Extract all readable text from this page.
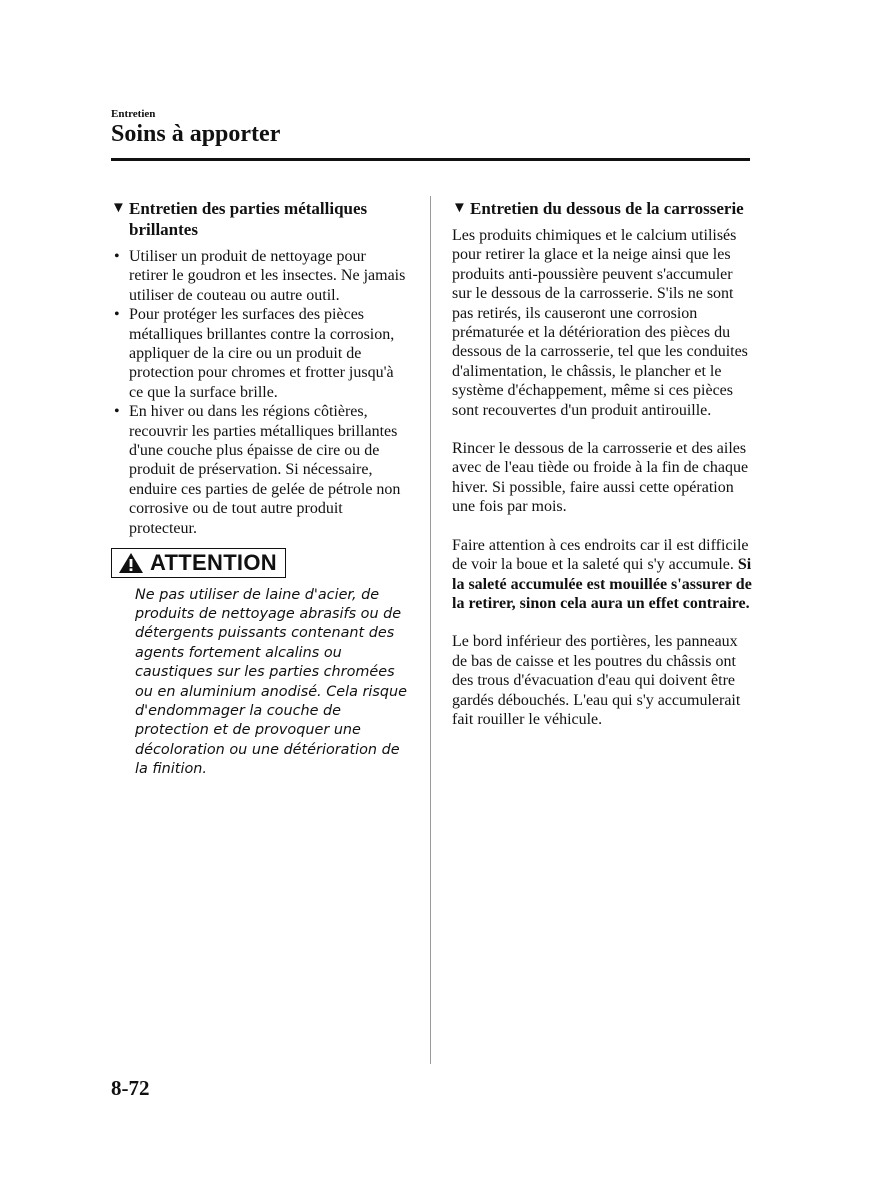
Entretien
Soins à apporter
▼ Entretien des parties métalliques brillantes
• Utiliser un produit de nettoyage pour retirer le goudron et les insectes. Ne jamais utiliser de couteau ou autre outil.
• Pour protéger les surfaces des pièces métalliques brillantes contre la corrosion, appliquer de la cire ou un produit de protection pour chromes et frotter jusqu'à ce que la surface brille.
• En hiver ou dans les régions côtières, recouvrir les parties métalliques brillantes d'une couche plus épaisse de cire ou de produit de préservation. Si nécessaire, enduire ces parties de gelée de pétrole non corrosive ou de tout autre produit protecteur.
ATTENTION
Ne pas utiliser de laine d'acier, de produits de nettoyage abrasifs ou de détergents puissants contenant des agents fortement alcalins ou caustiques sur les parties chromées ou en aluminium anodisé. Cela risque d'endommager la couche de protection et de provoquer une décoloration ou une détérioration de la finition.
▼ Entretien du dessous de la carrosserie

Les produits chimiques et le calcium utilisés pour retirer la glace et la neige ainsi que les produits anti-poussière peuvent s'accumuler sur le dessous de la carrosserie. S'ils ne sont pas retirés, ils causeront une corrosion prématurée et la détérioration des pièces du dessous de la carrosserie, tel que les conduites d'alimentation, le châssis, le plancher et le système d'échappement, même si ces pièces sont recouvertes d'un produit antirouille.

Rincer le dessous de la carrosserie et des ailes avec de l'eau tiède ou froide à la fin de chaque hiver. Si possible, faire aussi cette opération une fois par mois.

Faire attention à ces endroits car il est difficile de voir la boue et la saleté qui s'y accumule. Si la saleté accumulée est mouillée s'assurer de la retirer, sinon cela aura un effet contraire.

Le bord inférieur des portières, les panneaux de bas de caisse et les poutres du châssis ont des trous d'évacuation d'eau qui doivent être gardés débouchés. L'eau qui s'y accumulerait fait rouiller le véhicule.

8-72
